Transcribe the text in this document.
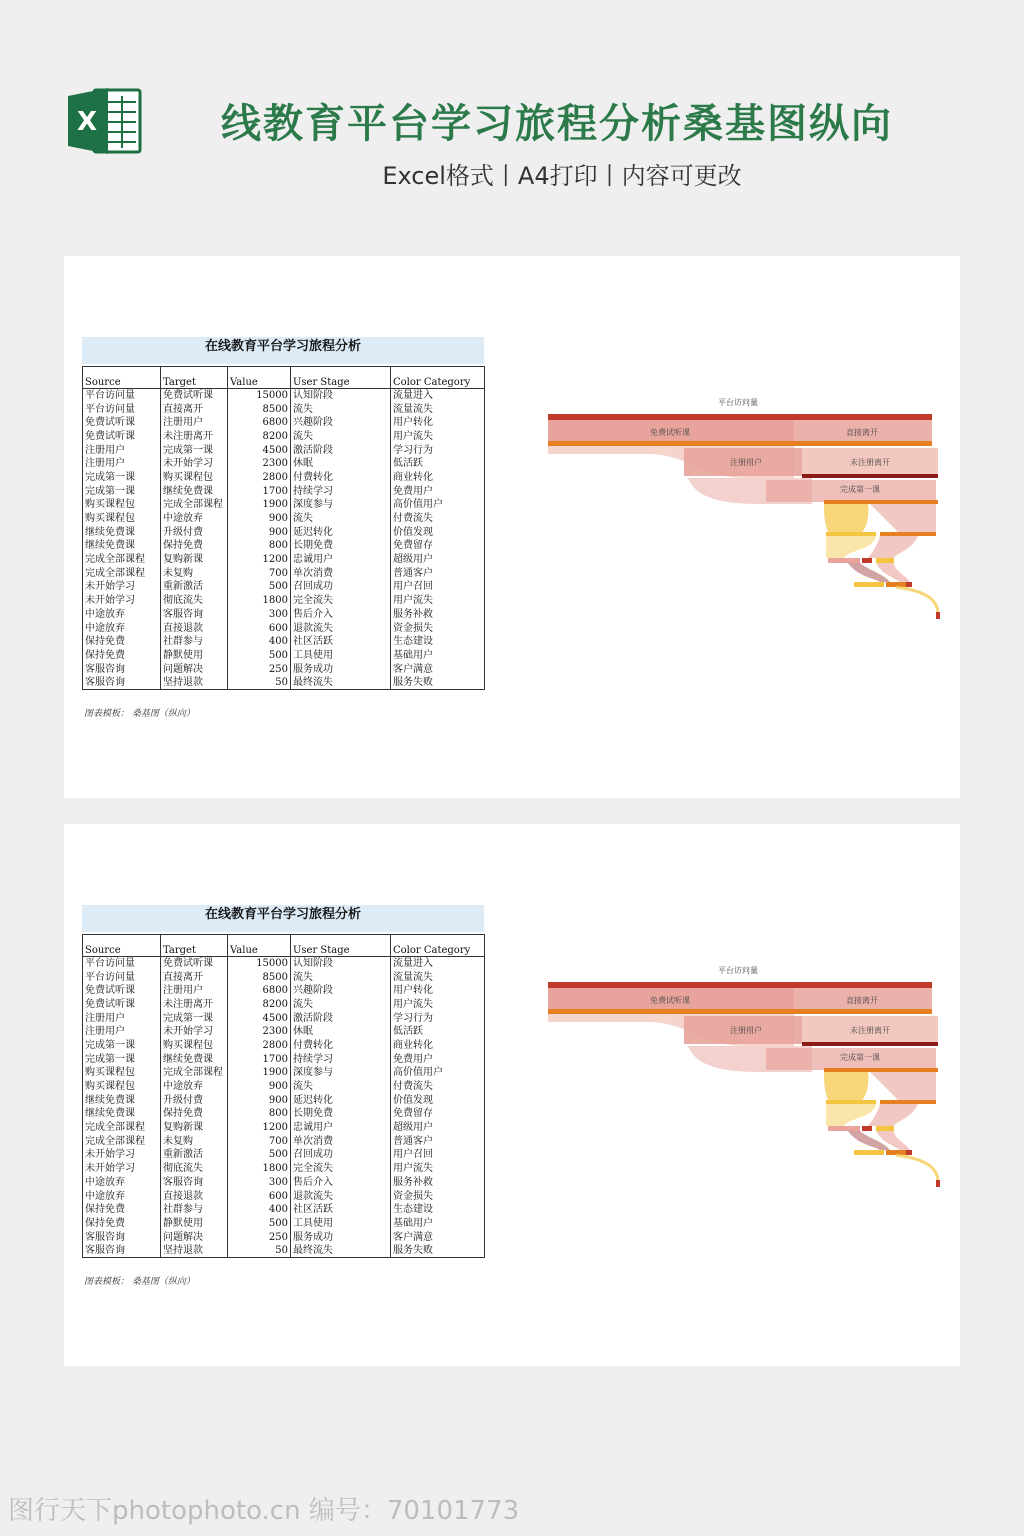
X	线教育平台学习旅程分析桑基图纵向
Excel格式丨A4打印丨内容可更改
在线教育平台学习旅程分析
Source	Target	Value	User Stage	Color Category
平台访问量	免费试听课	15000	认知阶段	流量进入
平台访问量	直接离开	8500	流失	流量流失
免费试听课	注册用户	6800	兴趣阶段	用户转化
免费试听课	未注册离开	8200	流失	用户流失
注册用户	完成第一课	4500	激活阶段	学习行为
注册用户	未开始学习	2300	休眠	低活跃
完成第一课	购买课程包	2800	付费转化	商业转化
完成第一课	继续免费课	1700	持续学习	免费用户
购买课程包	完成全部课程	1900	深度参与	高价值用户
购买课程包	中途放弃	900	流失	付费流失
继续免费课	升级付费	900	延迟转化	价值发现
继续免费课	保持免费	800	长期免费	免费留存
完成全部课程	复购新课	1200	忠诚用户	超级用户
完成全部课程	未复购	700	单次消费	普通客户
未开始学习	重新激活	500	召回成功	用户召回
未开始学习	彻底流失	1800	完全流失	用户流失
中途放弃	客服咨询	300	售后介入	服务补救
中途放弃	直接退款	600	退款流失	资金损失
保持免费	社群参与	400	社区活跃	生态建设
保持免费	静默使用	500	工具使用	基础用户
客服咨询	问题解决	250	服务成功	客户满意
客服咨询	坚持退款	50	最终流失	服务失败
图表模板： 桑基图（纵向）
平台访问量
免费试听课	直接离开
注册用户	未注册离开
完成第一课
在线教育平台学习旅程分析
Source	Target	Value	User Stage	Color Category
平台访问量	免费试听课	15000	认知阶段	流量进入
平台访问量	直接离开	8500	流失	流量流失
免费试听课	注册用户	6800	兴趣阶段	用户转化
免费试听课	未注册离开	8200	流失	用户流失
注册用户	完成第一课	4500	激活阶段	学习行为
注册用户	未开始学习	2300	休眠	低活跃
完成第一课	购买课程包	2800	付费转化	商业转化
完成第一课	继续免费课	1700	持续学习	免费用户
购买课程包	完成全部课程	1900	深度参与	高价值用户
购买课程包	中途放弃	900	流失	付费流失
继续免费课	升级付费	900	延迟转化	价值发现
继续免费课	保持免费	800	长期免费	免费留存
完成全部课程	复购新课	1200	忠诚用户	超级用户
完成全部课程	未复购	700	单次消费	普通客户
未开始学习	重新激活	500	召回成功	用户召回
未开始学习	彻底流失	1800	完全流失	用户流失
中途放弃	客服咨询	300	售后介入	服务补救
中途放弃	直接退款	600	退款流失	资金损失
保持免费	社群参与	400	社区活跃	生态建设
保持免费	静默使用	500	工具使用	基础用户
客服咨询	问题解决	250	服务成功	客户满意
客服咨询	坚持退款	50	最终流失	服务失败
图表模板： 桑基图（纵向）
平台访问量
免费试听课	直接离开
注册用户	未注册离开
完成第一课
图行天下photophoto.cn 编号：70101773
